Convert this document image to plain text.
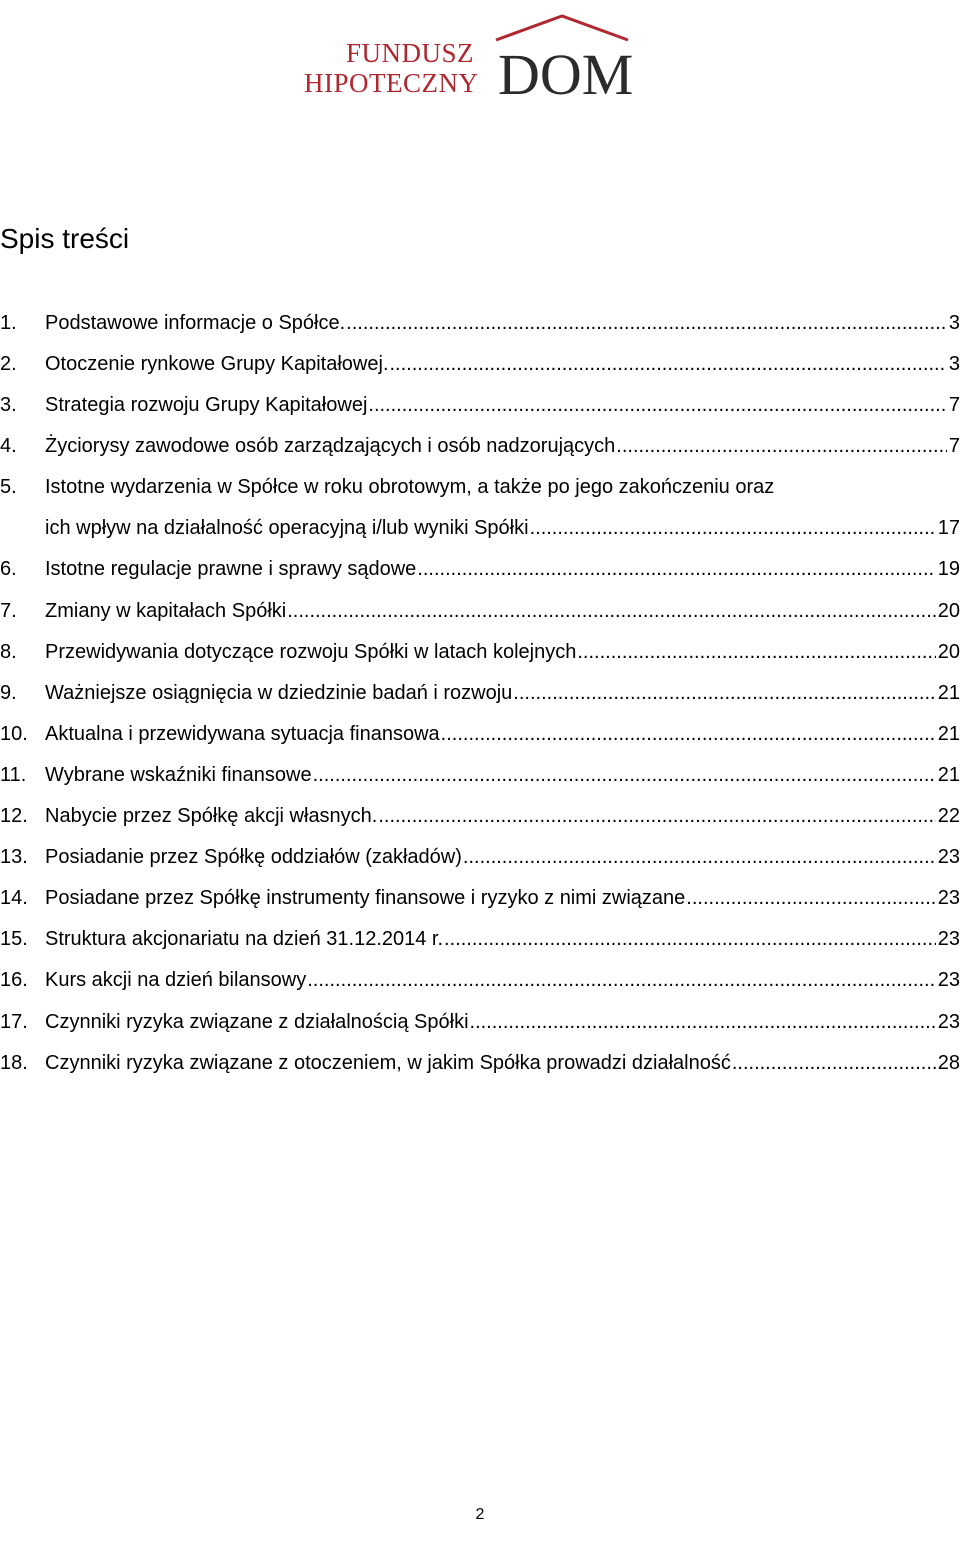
FUNDUSZ
HIPOTECZNY DOM
Spis treści
1. Podstawowe informacje o Spółce. .....	3
2. Otoczenie rynkowe Grupy Kapitałowej. .....	3
3. Strategia rozwoju Grupy Kapitałowej .....	7
4. Życiorysy zawodowe osób zarządzających i osób nadzorujących .....	7
5. Istotne wydarzenia w Spółce w roku obrotowym, a także po jego zakończeniu oraz
ich wpływ na działalność operacyjną i/lub wyniki Spółki .....	17
6. Istotne regulacje prawne i sprawy sądowe .....	19
7. Zmiany w kapitałach Spółki .....	20
8. Przewidywania dotyczące rozwoju Spółki w latach kolejnych .....	20
9. Ważniejsze osiągnięcia w dziedzinie badań i rozwoju .....	21
10. Aktualna i przewidywana sytuacja finansowa .....	21
11. Wybrane wskaźniki finansowe .....	21
12. Nabycie przez Spółkę akcji własnych. .....	22
13. Posiadanie przez Spółkę oddziałów (zakładów) .....	23
14. Posiadane przez Spółkę instrumenty finansowe i ryzyko z nimi związane .....	23
15. Struktura akcjonariatu na dzień 31.12.2014 r. .....	23
16. Kurs akcji na dzień bilansowy .....	23
17. Czynniki ryzyka związane z działalnością Spółki .....	23
18. Czynniki ryzyka związane z otoczeniem, w jakim Spółka prowadzi działalność .....	28
2
